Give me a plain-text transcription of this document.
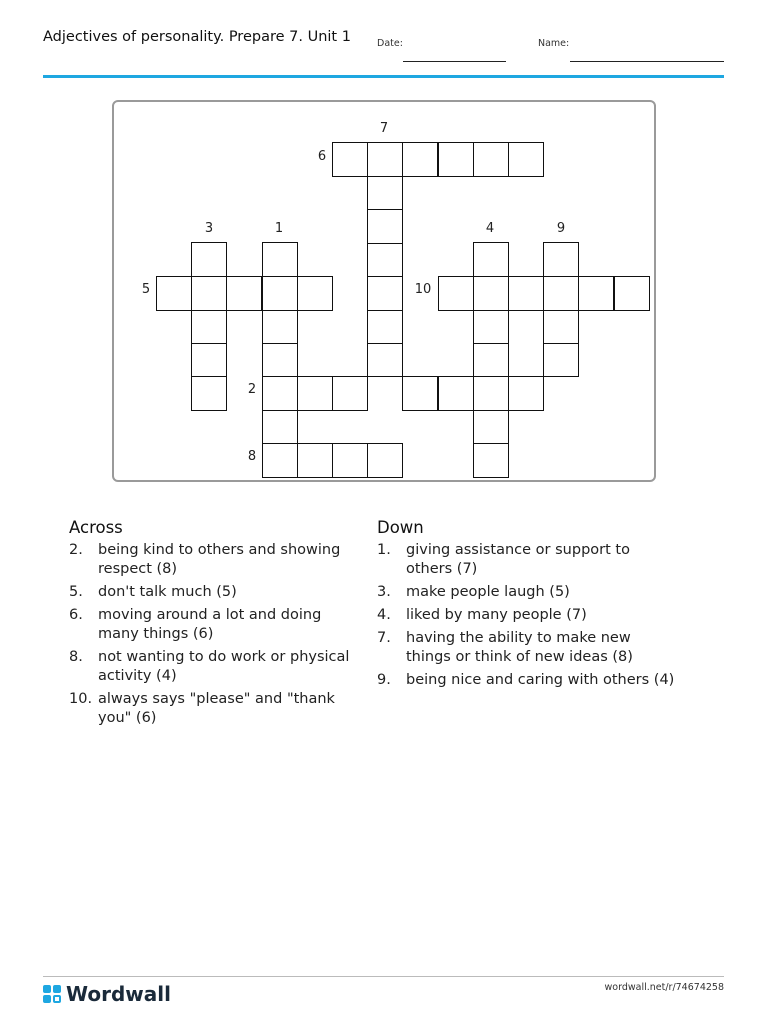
Adjectives of personality. Prepare 7. Unit 1	Date:	Name:
7
6
3	1	4	9
5	10
2
8
Across
2.	being kind to others and showing respect (8)
5.	don't talk much (5)
6.	moving around a lot and doing many things (6)
8.	not wanting to do work or physical activity (4)
10. always says "please" and "thank you" (6)
Down
1.	giving assistance or support to others (7)
3.	make people laugh (5)
4.	liked by many people (7)
7.	having the ability to make new things or think of new ideas (8)
9.	being nice and caring with others (4)
Wordwall	wordwall.net/r/74674258
